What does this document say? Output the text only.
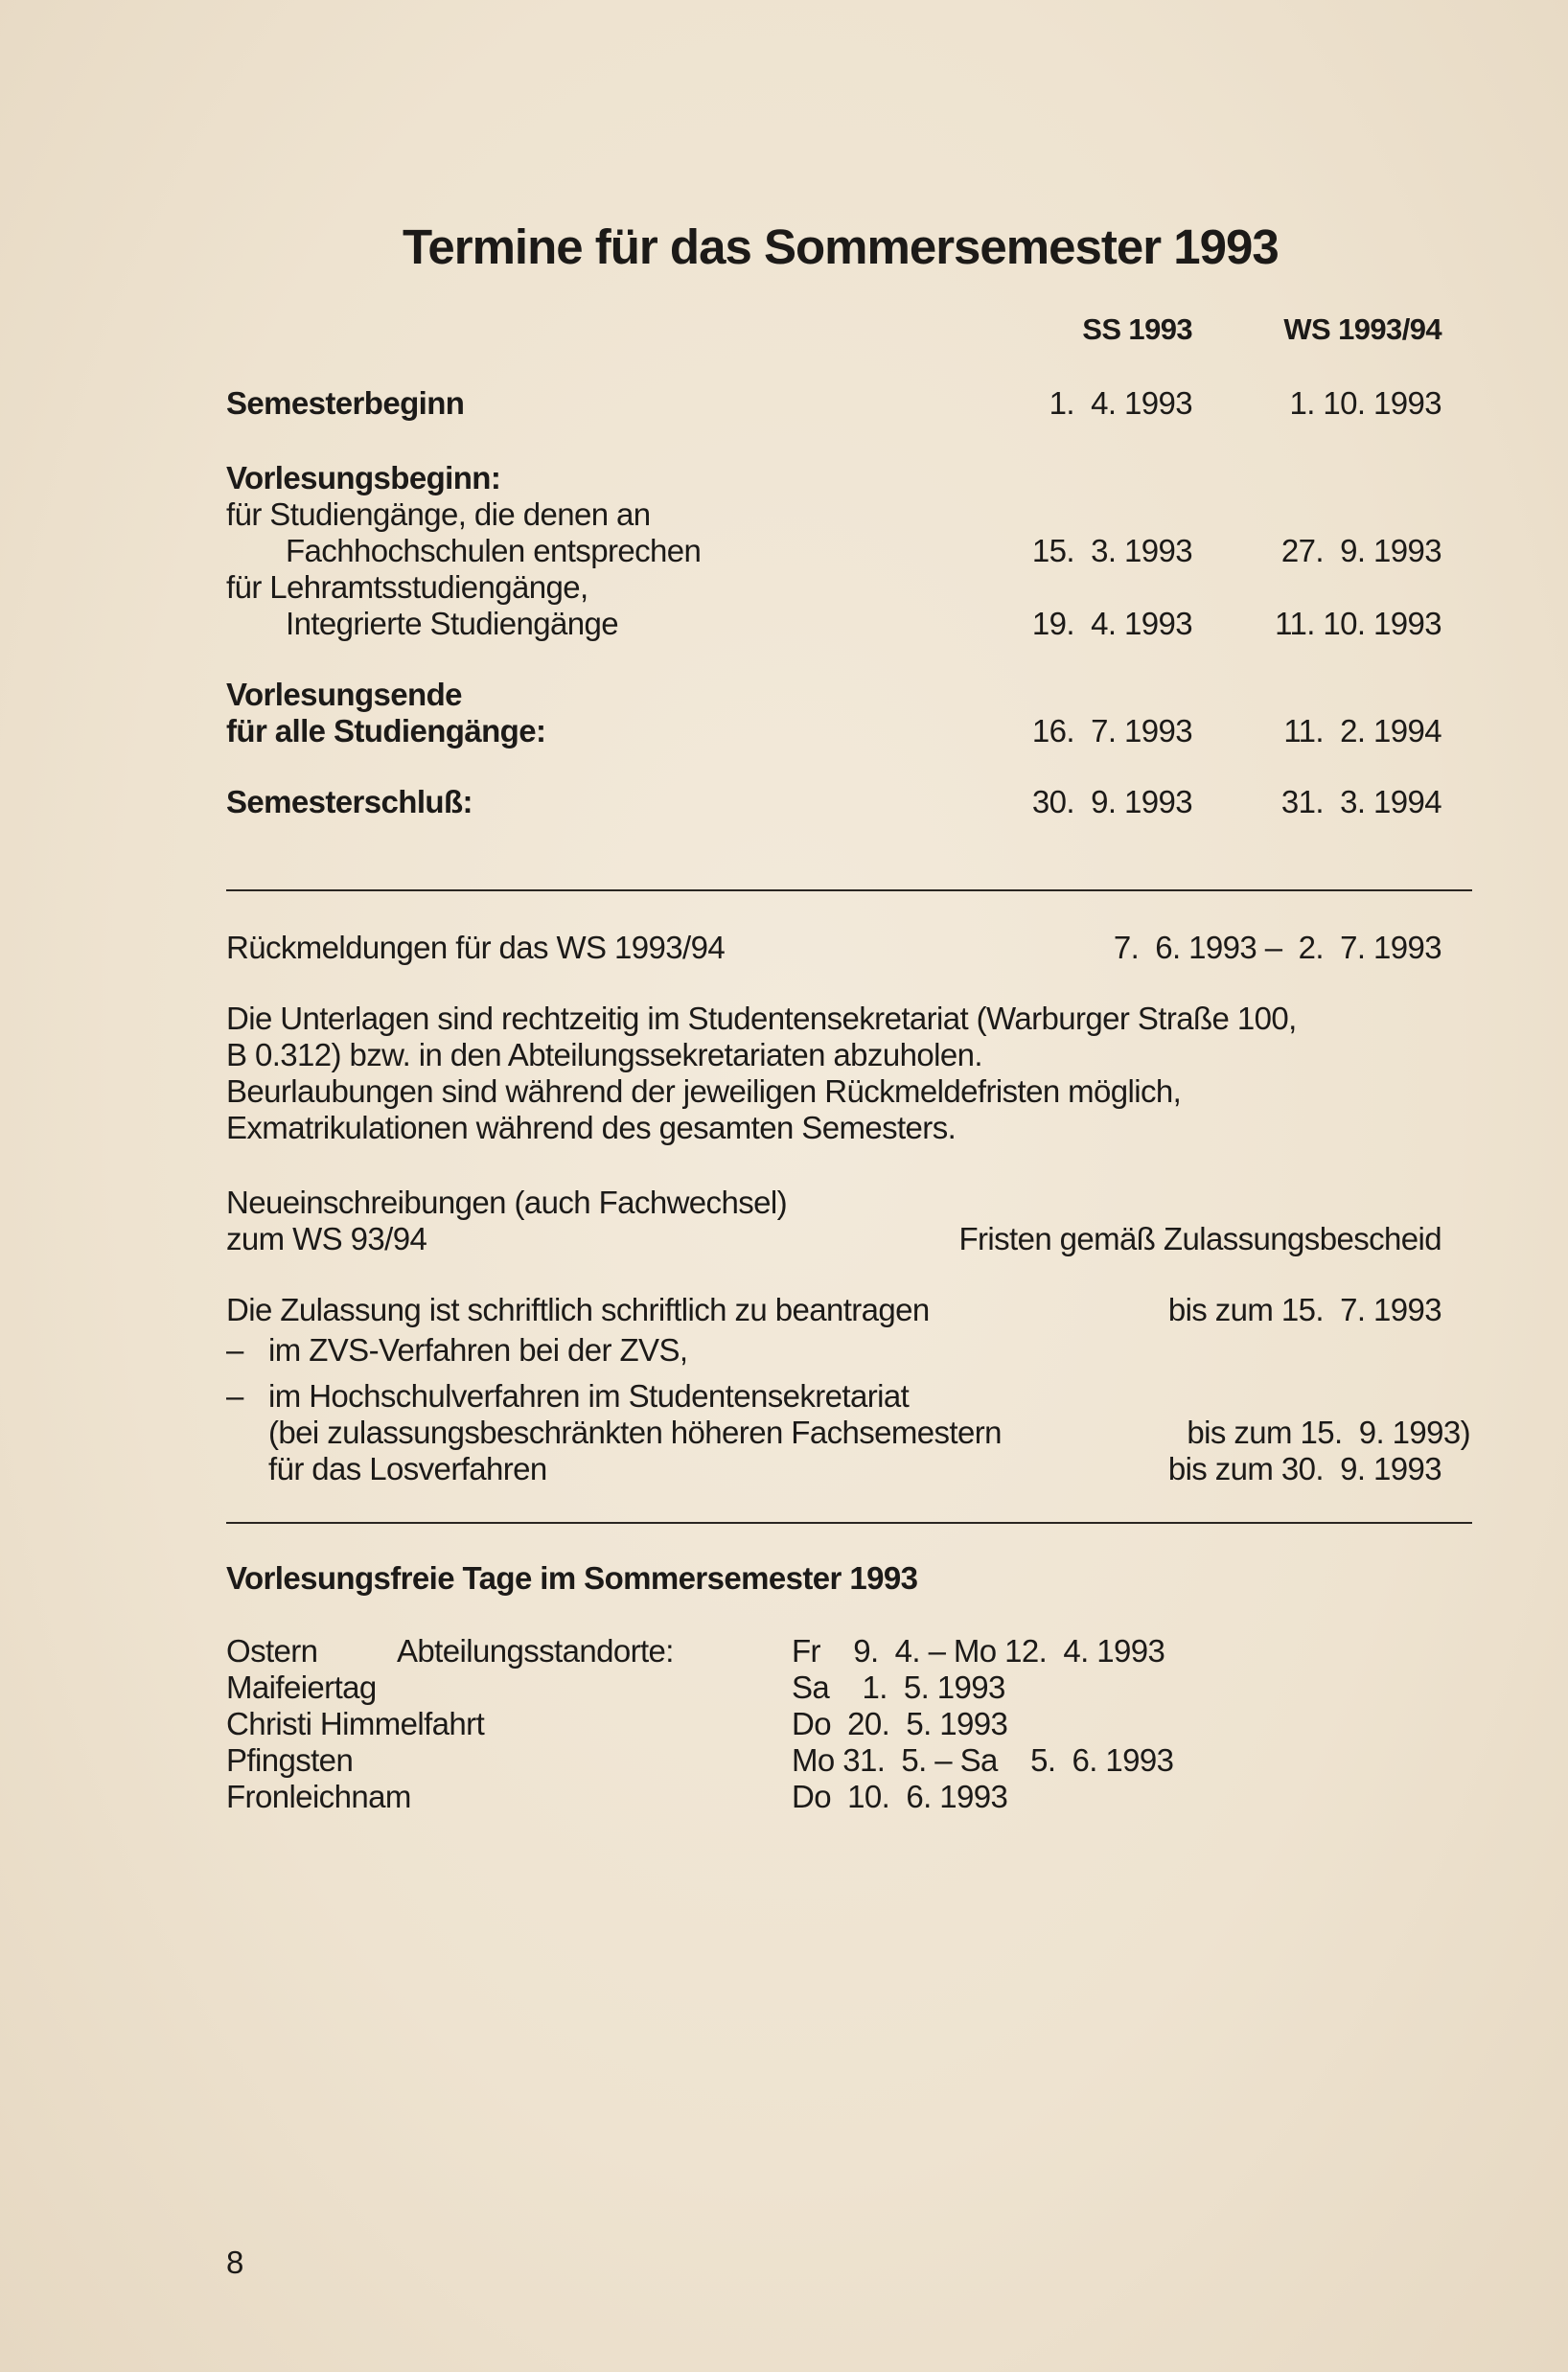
Termine für das Sommersemester 1993
SS 1993	WS 1993/94
Semesterbeginn	1.  4. 1993	1. 10. 1993
Vorlesungsbeginn:
für Studiengänge, die denen an
Fachhochschulen entsprechen	15.  3. 1993	27.  9. 1993
für Lehramtsstudiengänge,
Integrierte Studiengänge	19.  4. 1993	11. 10. 1993
Vorlesungsende
für alle Studiengänge:	16.  7. 1993	11.  2. 1994
Semesterschluß:	30.  9. 1993	31.  3. 1994
Rückmeldungen für das WS 1993/94	7.  6. 1993 –  2.  7. 1993
Die Unterlagen sind rechtzeitig im Studentensekretariat (Warburger Straße 100,
B 0.312) bzw. in den Abteilungssekretariaten abzuholen.
Beurlaubungen sind während der jeweiligen Rückmeldefristen möglich,
Exmatrikulationen während des gesamten Semesters.
Neueinschreibungen (auch Fachwechsel)
zum WS 93/94	Fristen gemäß Zulassungsbescheid
Die Zulassung ist schriftlich schriftlich zu beantragen	bis zum 15.  7. 1993
– im ZVS-Verfahren bei der ZVS,
– im Hochschulverfahren im Studentensekretariat
(bei zulassungsbeschränkten höheren Fachsemestern	bis zum 15.  9. 1993)
für das Losverfahren	bis zum 30.  9. 1993
Vorlesungsfreie Tage im Sommersemester 1993
Ostern	Abteilungsstandorte:	Fr    9.  4. – Mo 12.  4. 1993
Maifeiertag	Sa    1.  5. 1993
Christi Himmelfahrt	Do  20.  5. 1993
Pfingsten	Mo 31.  5. – Sa    5.  6. 1993
Fronleichnam	Do  10.  6. 1993
8
